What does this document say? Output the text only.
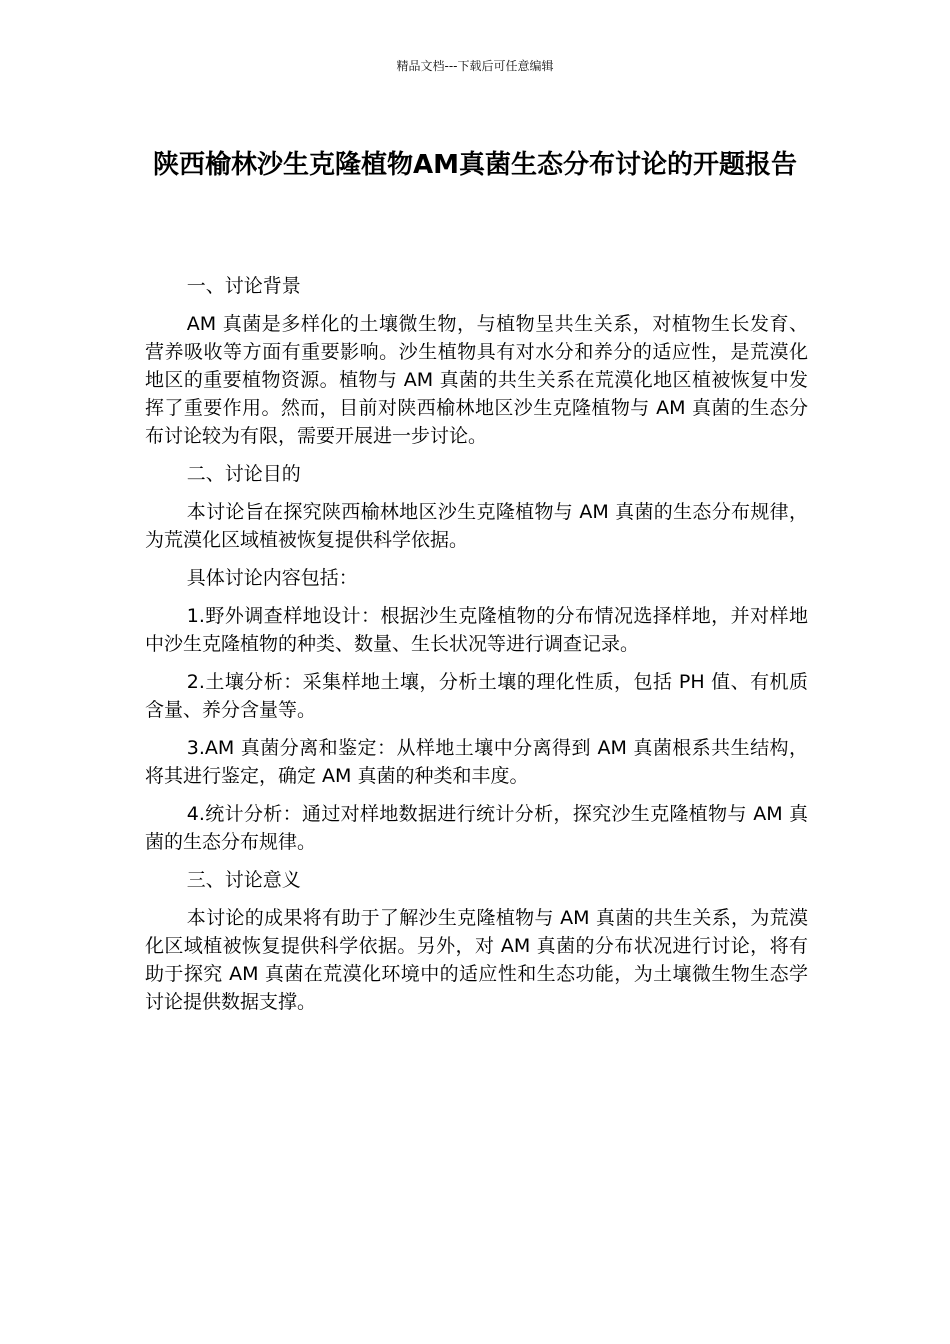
精品文档---下载后可任意编辑
陕西榆林沙生克隆植物AM真菌生态分布讨论的开题报告

一、讨论背景

AM 真菌是多样化的土壤微生物，与植物呈共生关系，对植物生长发育、营养吸收等方面有重要影响。沙生植物具有对水分和养分的适应性，是荒漠化地区的重要植物资源。植物与 AM 真菌的共生关系在荒漠化地区植被恢复中发挥了重要作用。然而，目前对陕西榆林地区沙生克隆植物与 AM 真菌的生态分布讨论较为有限，需要开展进一步讨论。

二、讨论目的

本讨论旨在探究陕西榆林地区沙生克隆植物与 AM 真菌的生态分布规律，为荒漠化区域植被恢复提供科学依据。

具体讨论内容包括：

1.野外调查样地设计：根据沙生克隆植物的分布情况选择样地，并对样地中沙生克隆植物的种类、数量、生长状况等进行调查记录。

2.土壤分析：采集样地土壤，分析土壤的理化性质，包括 PH 值、有机质含量、养分含量等。

3.AM 真菌分离和鉴定：从样地土壤中分离得到 AM 真菌根系共生结构，将其进行鉴定，确定 AM 真菌的种类和丰度。

4.统计分析：通过对样地数据进行统计分析，探究沙生克隆植物与 AM 真菌的生态分布规律。

三、讨论意义

本讨论的成果将有助于了解沙生克隆植物与 AM 真菌的共生关系，为荒漠化区域植被恢复提供科学依据。另外，对 AM 真菌的分布状况进行讨论，将有助于探究 AM 真菌在荒漠化环境中的适应性和生态功能，为土壤微生物生态学讨论提供数据支撑。
